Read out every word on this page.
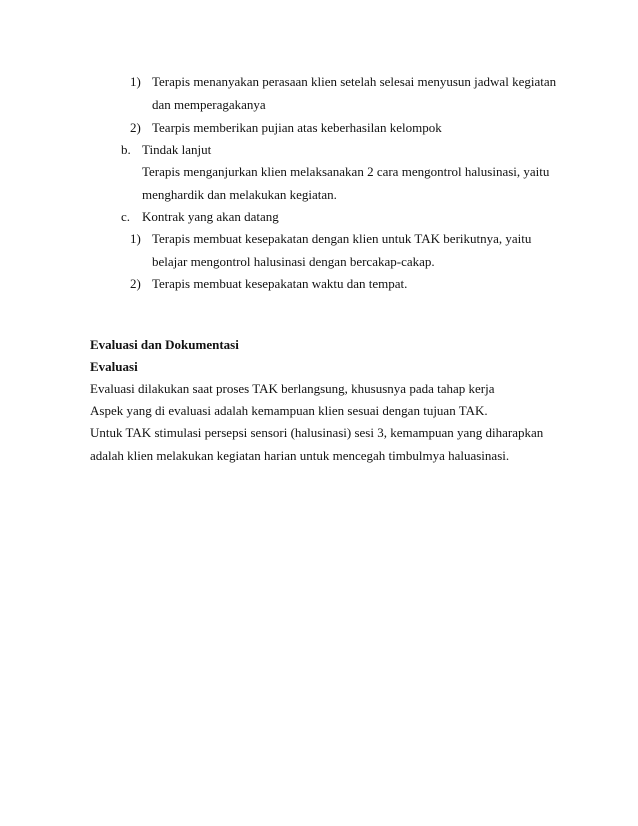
1) Terapis menanyakan perasaan klien setelah selesai menyusun jadwal kegiatan
dan memperagakanya
2) Tearpis memberikan pujian atas keberhasilan kelompok
b. Tindak lanjut
Terapis menganjurkan klien melaksanakan 2 cara mengontrol halusinasi, yaitu
menghardik dan melakukan kegiatan.
c. Kontrak yang akan datang
1) Terapis membuat kesepakatan dengan klien untuk TAK berikutnya, yaitu
belajar mengontrol halusinasi dengan bercakap-cakap.
2) Terapis membuat kesepakatan waktu dan tempat.
Evaluasi dan Dokumentasi
Evaluasi
Evaluasi dilakukan saat proses TAK berlangsung, khususnya pada tahap kerja
Aspek yang di evaluasi adalah kemampuan klien sesuai dengan tujuan TAK.
Untuk TAK stimulasi persepsi sensori (halusinasi) sesi 3, kemampuan yang diharapkan
adalah klien melakukan kegiatan harian untuk mencegah timbulmya haluasinasi.
